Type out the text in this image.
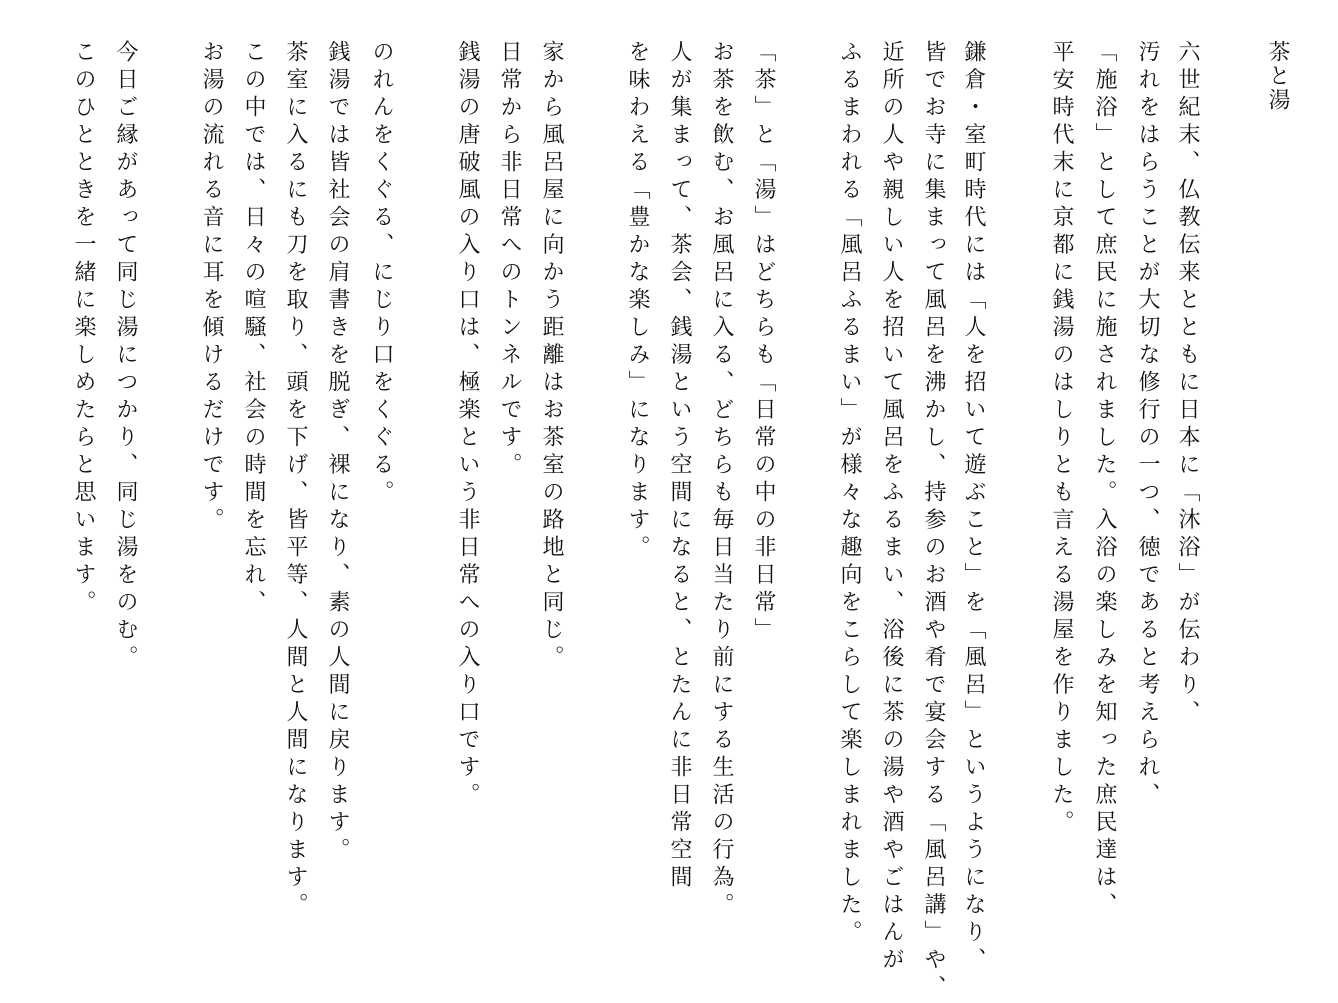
茶と湯

六世紀末、仏教伝来とともに日本に「沐浴」が伝わり、

汚れをはらうことが大切な修行の一つ、徳であると考えられ、

「施浴」として庶民に施されました。入浴の楽しみを知った庶民達は、

平安時代末に京都に銭湯のはしりとも言える湯屋を作りました。

鎌倉・室町時代には「人を招いて遊ぶこと」を「風呂」というようになり、

皆でお寺に集まって風呂を沸かし、持参のお酒や肴で宴会する「風呂講」や、

近所の人や親しい人を招いて風呂をふるまい、浴後に茶の湯や酒やごはんが

ふるまわれる「風呂ふるまい」が様々な趣向をこらして楽しまれました。

「茶」と「湯」はどちらも「日常の中の非日常」

お茶を飲む、お風呂に入る、どちらも毎日当たり前にする生活の行為。

人が集まって、茶会、銭湯という空間になると、とたんに非日常空間

を味わえる「豊かな楽しみ」になります。

家から風呂屋に向かう距離はお茶室の路地と同じ。

日常から非日常へのトンネルです。

銭湯の唐破風の入り口は、極楽という非日常への入り口です。

のれんをくぐる、にじり口をくぐる。

銭湯では皆社会の肩書きを脱ぎ、裸になり、素の人間に戻ります。

茶室に入るにも刀を取り、頭を下げ、皆平等、人間と人間になります。

この中では、日々の喧騒、社会の時間を忘れ、

お湯の流れる音に耳を傾けるだけです。

今日ご縁があって同じ湯につかり、同じ湯をのむ。

このひとときを一緒に楽しめたらと思います。
